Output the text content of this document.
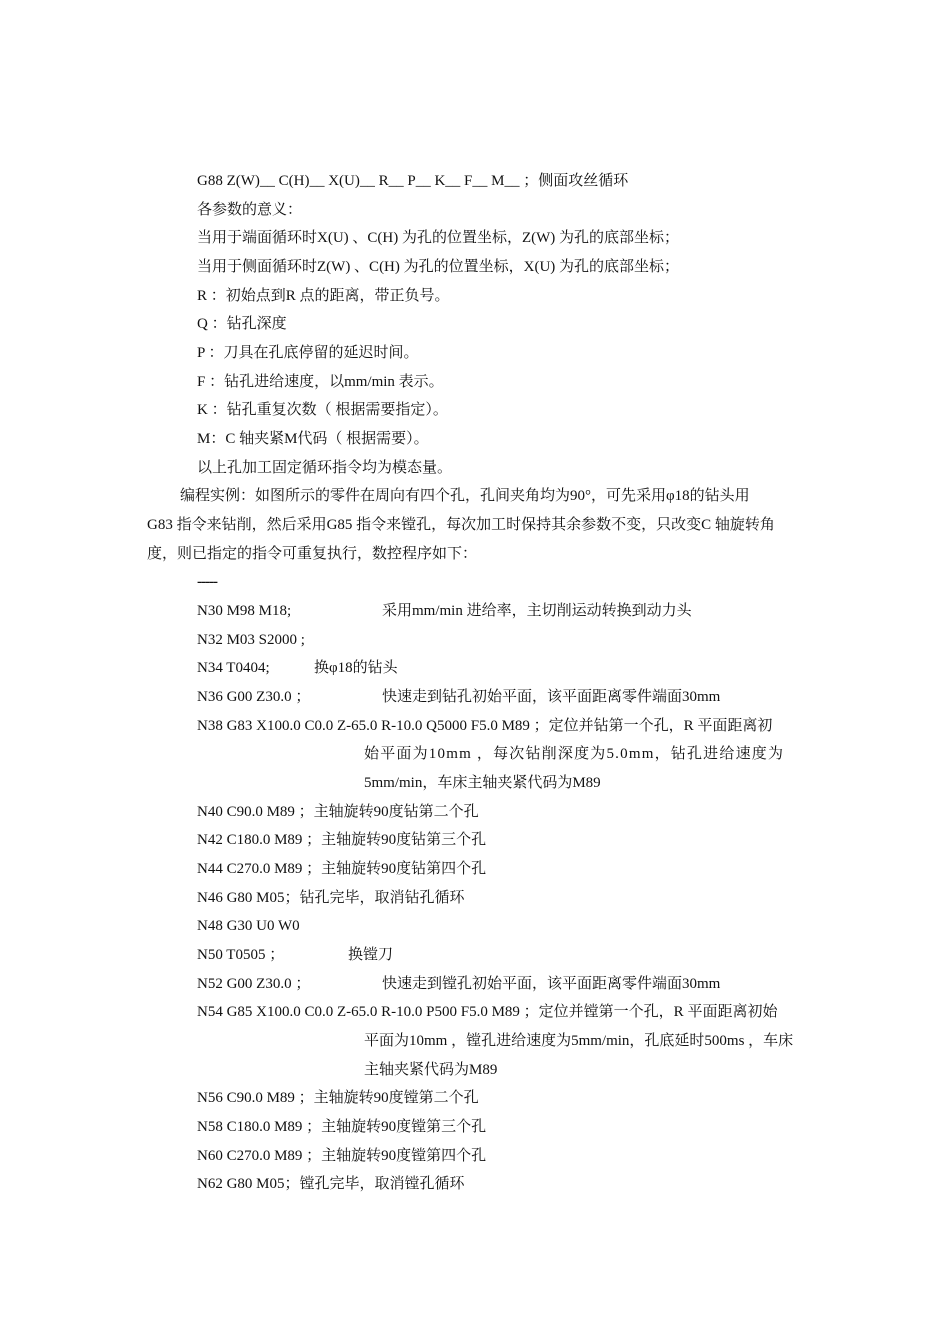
G88 Z(W)__ C(H)__ X(U)__ R__ P__ K__ F__ M__ ；侧面攻丝循环
各参数的意义：
当用于端面循环时X(U) 、C(H) 为孔的位置坐标，Z(W) 为孔的底部坐标；
当用于侧面循环时Z(W) 、C(H) 为孔的位置坐标，X(U) 为孔的底部坐标；
R ：初始点到R 点的距离，带正负号。
Q ：钻孔深度
P ：刀具在孔底停留的延迟时间。
F ：钻孔进给速度，以mm/min 表示。
K ：钻孔重复次数（ 根据需要指定）。
M：C 轴夹紧M代码（ 根据需要）。
以上孔加工固定循环指令均为模态量。
编程实例：如图所示的零件在周向有四个孔，孔间夹角均为90°，可先采用φ18的钻头用
G83 指令来钻削，然后采用G85 指令来镗孔，每次加工时保持其余参数不变，只改变C 轴旋转角
度，则已指定的指令可重复执行，数控程序如下：
-----
N30 M98 M18;	采用mm/min 进给率，主切削运动转换到动力头
N32 M03 S2000 ;
N34 T0404;	换φ18的钻头
N36 G00 Z30.0 ；	快速走到钻孔初始平面，该平面距离零件端面30mm
N38 G83 X100.0 C0.0 Z-65.0 R-10.0 Q5000 F5.0 M89 ；定位并钻第一个孔，R 平面距离初
始平面为10mm ，每次钻削深度为5.0mm，钻孔进给速度为
5mm/min，车床主轴夹紧代码为M89
N40 C90.0 M89 ；主轴旋转90度钻第二个孔
N42 C180.0 M89 ；主轴旋转90度钻第三个孔
N44 C270.0 M89 ；主轴旋转90度钻第四个孔
N46 G80 M05；钻孔完毕，取消钻孔循环
N48 G30 U0 W0
N50 T0505 ；	换镗刀
N52 G00 Z30.0 ；	快速走到镗孔初始平面，该平面距离零件端面30mm
N54 G85 X100.0 C0.0 Z-65.0 R-10.0 P500 F5.0 M89 ；定位并镗第一个孔，R 平面距离初始
平面为10mm ，镗孔进给速度为5mm/min，孔底延时500ms ，车床
主轴夹紧代码为M89
N56 C90.0 M89 ；主轴旋转90度镗第二个孔
N58 C180.0 M89 ；主轴旋转90度镗第三个孔
N60 C270.0 M89 ；主轴旋转90度镗第四个孔
N62 G80 M05；镗孔完毕，取消镗孔循环
